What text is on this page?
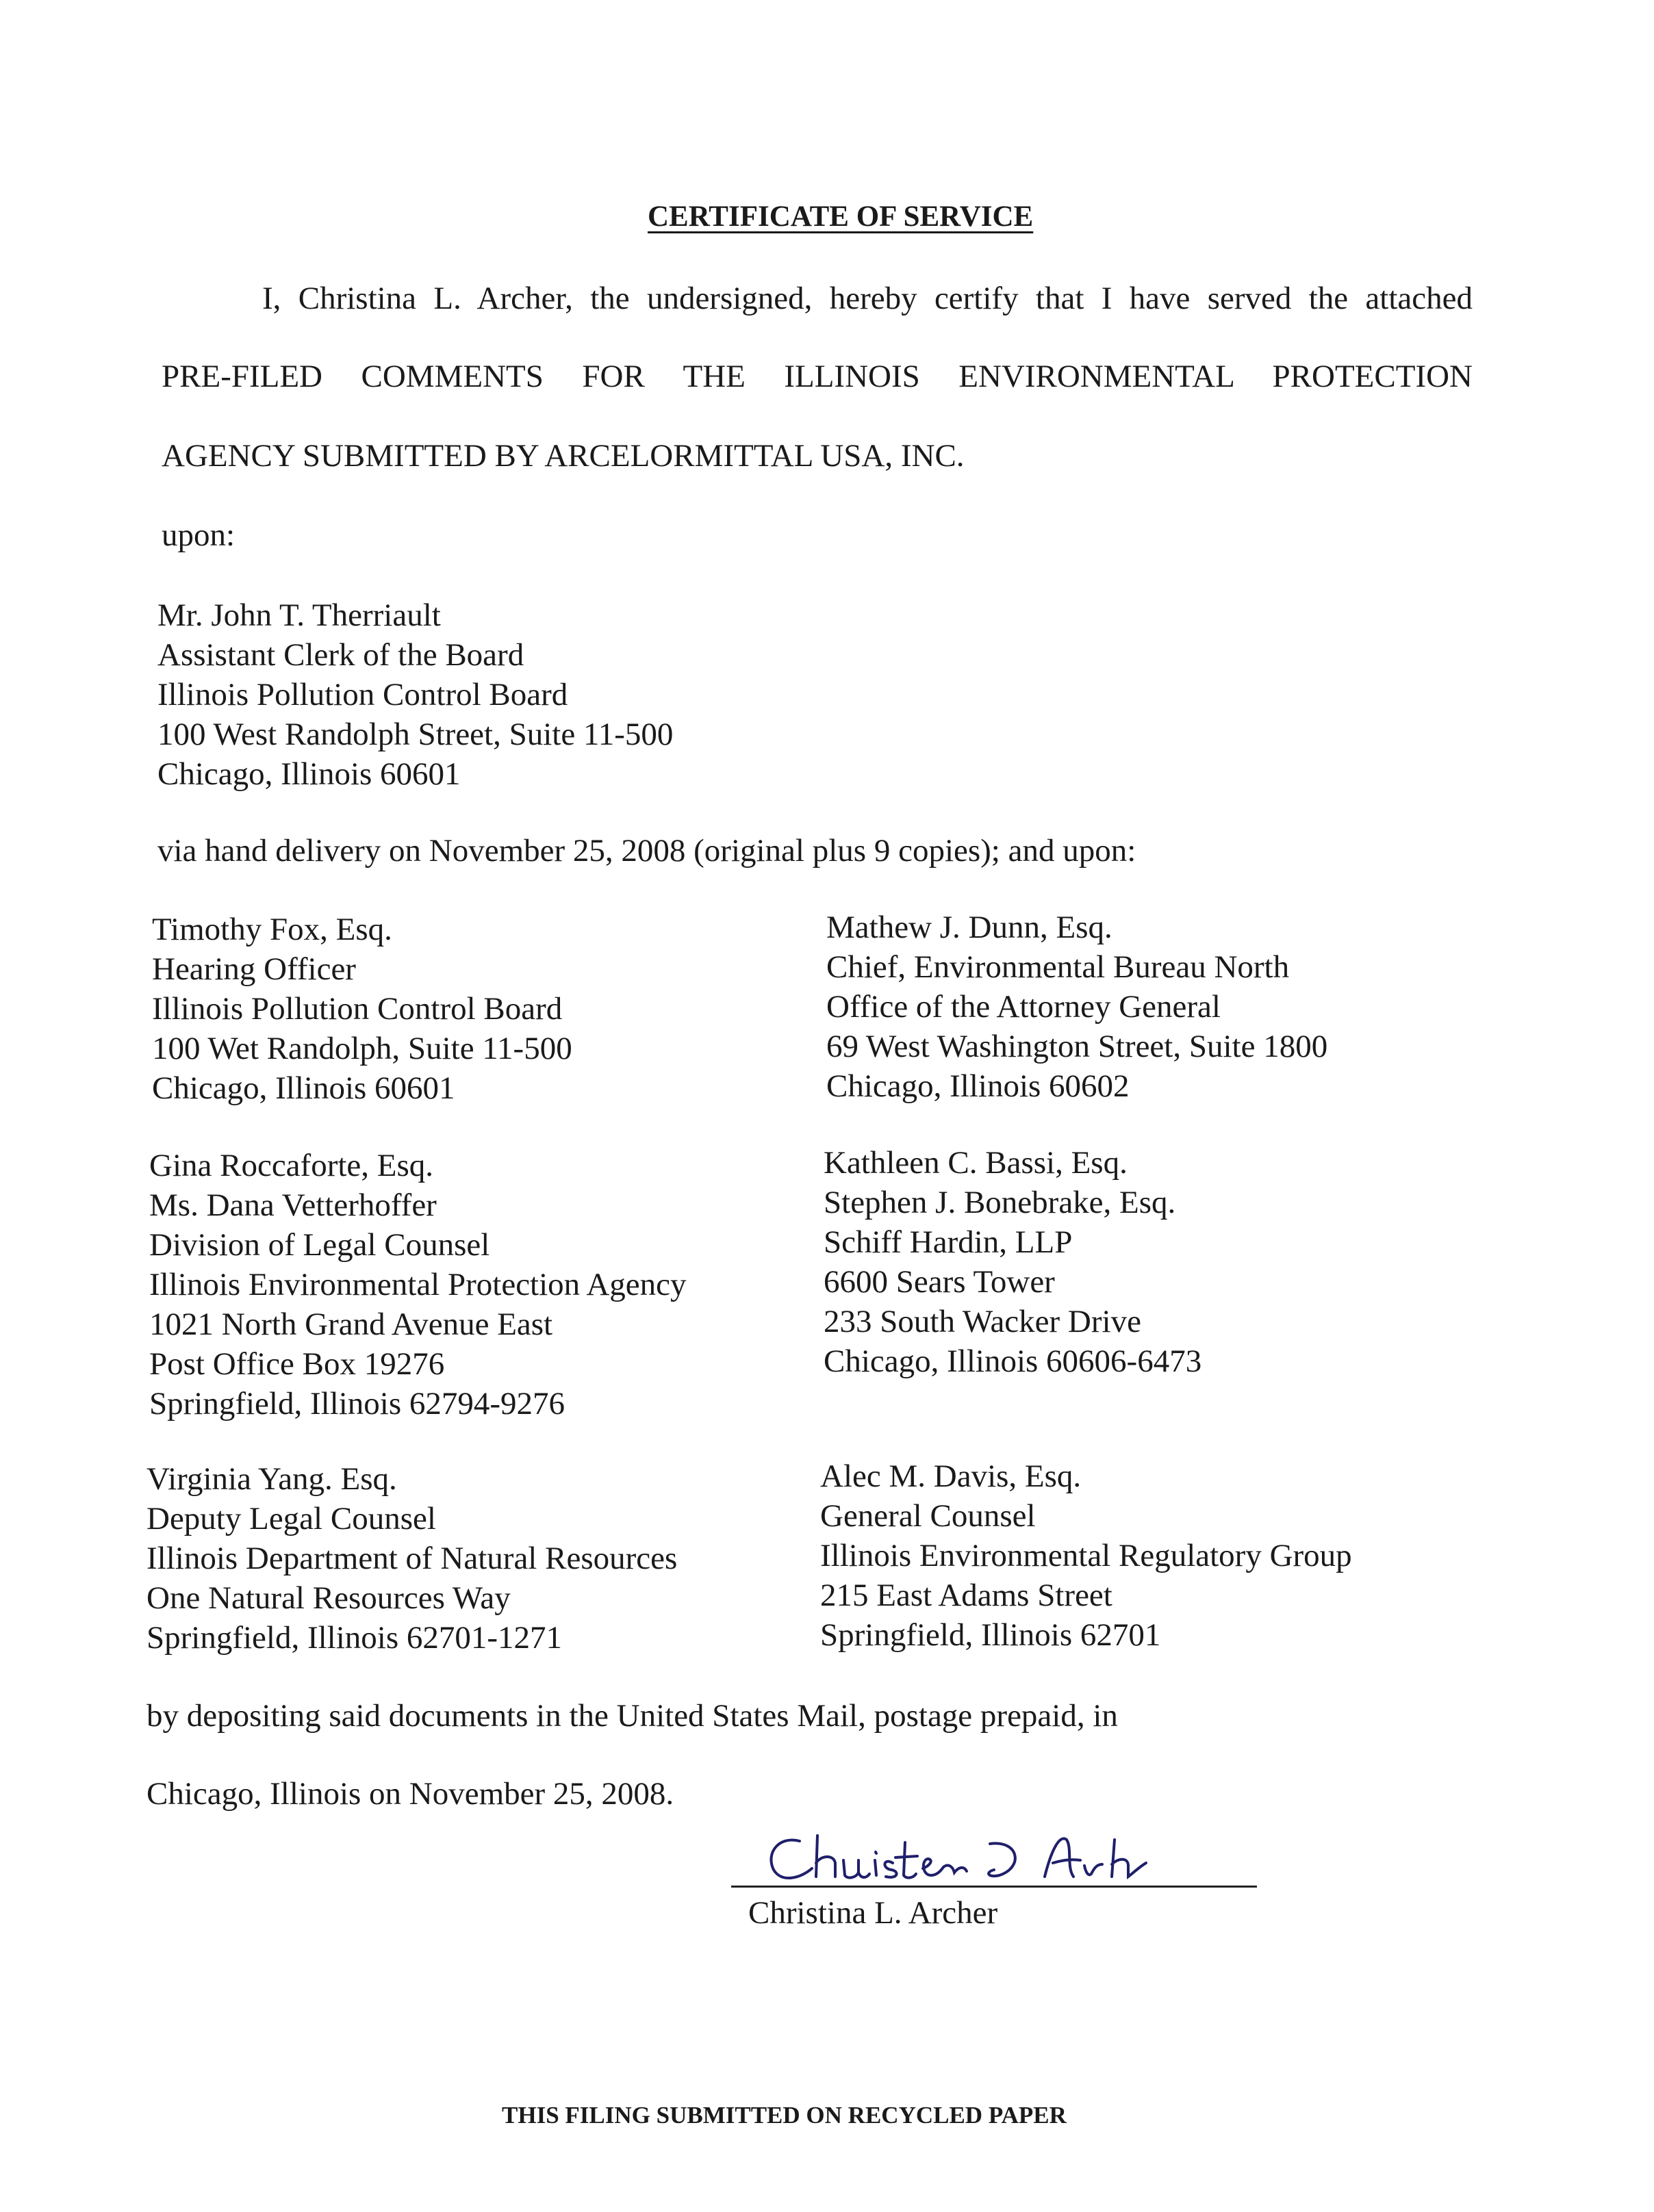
CERTIFICATE OF SERVICE
I, Christina L. Archer, the undersigned, hereby certify that I have served the attached
PRE-FILED COMMENTS FOR THE ILLINOIS ENVIRONMENTAL PROTECTION
AGENCY SUBMITTED BY ARCELORMITTAL USA, INC.
upon:
Mr. John T. Therriault
Assistant Clerk of the Board
Illinois Pollution Control Board
100 West Randolph Street, Suite 11-500
Chicago, Illinois 60601
via hand delivery on November 25, 2008 (original plus 9 copies); and upon:
Timothy Fox, Esq.
Hearing Officer
Illinois Pollution Control Board
100 Wet Randolph, Suite 11-500
Chicago, Illinois 60601
Mathew J. Dunn, Esq.
Chief, Environmental Bureau North
Office of the Attorney General
69 West Washington Street, Suite 1800
Chicago, Illinois 60602
Gina Roccaforte, Esq.
Ms. Dana Vetterhoffer
Division of Legal Counsel
Illinois Environmental Protection Agency
1021 North Grand Avenue East
Post Office Box 19276
Springfield, Illinois 62794-9276
Kathleen C. Bassi, Esq.
Stephen J. Bonebrake, Esq.
Schiff Hardin, LLP
6600 Sears Tower
233 South Wacker Drive
Chicago, Illinois 60606-6473
Virginia Yang. Esq.
Deputy Legal Counsel
Illinois Department of Natural Resources
One Natural Resources Way
Springfield, Illinois 62701-1271
Alec M. Davis, Esq.
General Counsel
Illinois Environmental Regulatory Group
215 East Adams Street
Springfield, Illinois 62701
by depositing said documents in the United States Mail, postage prepaid, in
Chicago, Illinois on November 25, 2008.
Christina L. Archer
THIS FILING SUBMITTED ON RECYCLED PAPER
